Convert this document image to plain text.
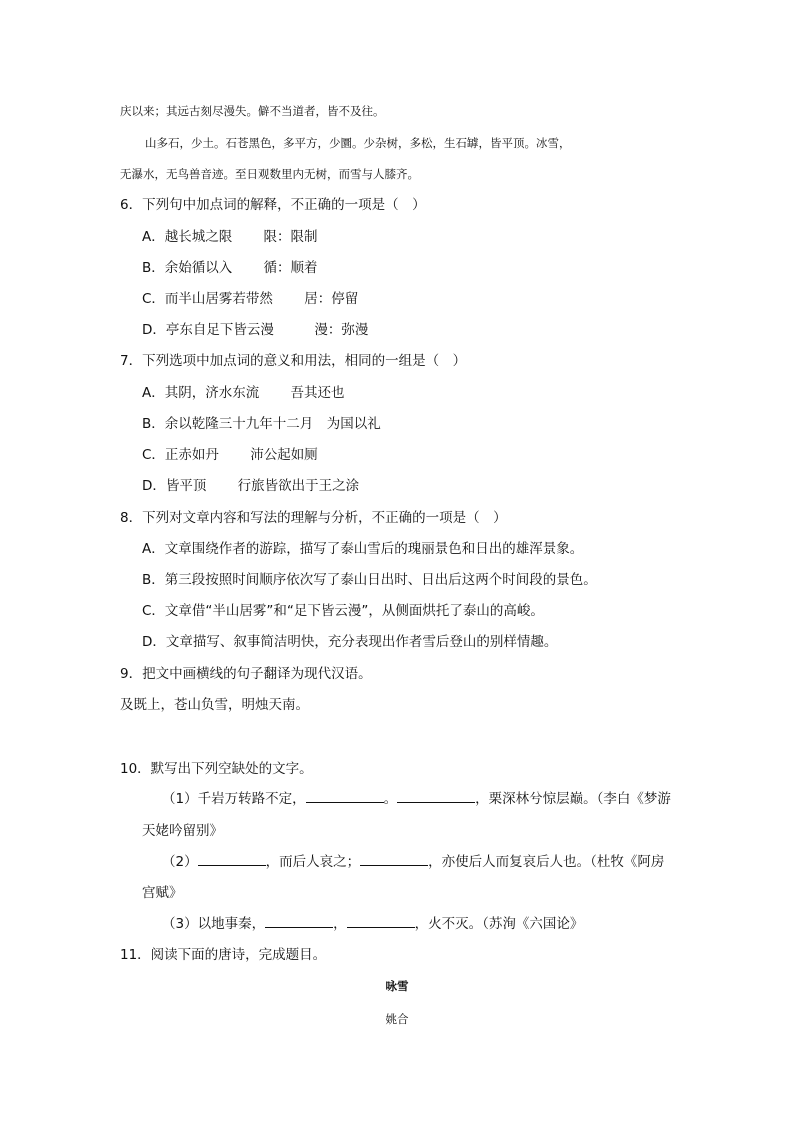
庆以来；其远古刻尽漫失。僻不当道者，皆不及往。
山多石，少土。石苍黑色，多平方，少圜。少杂树，多松，生石罅，皆平顶。冰雪，
无瀑水，无鸟兽音迹。至日观数里内无树，而雪与人膝齐。
6．下列句中加点词的解释，不正确的一项是（　）
A．越长城之限　　 限：限制
B．余始循以入　　 循：顺着
C．而半山居雾若带然　　 居：停留
D．亭东自足下皆云漫　　　漫：弥漫
7．下列选项中加点词的意义和用法，相同的一组是（　）
A．其阴，济水东流　　 吾其还也
B．余以乾隆三十九年十二月　为国以礼
C．正赤如丹　　 沛公起如厕
D．皆平顶　　 行旅皆欲出于王之涂
8．下列对文章内容和写法的理解与分析，不正确的一项是（　）
A．文章围绕作者的游踪，描写了泰山雪后的瑰丽景色和日出的雄浑景象。
B．第三段按照时间顺序依次写了泰山日出时、日出后这两个时间段的景色。
C．文章借“半山居雾”和“足下皆云漫”，从侧面烘托了泰山的高峻。
D．文章描写、叙事简洁明快，充分表现出作者雪后登山的别样情趣。
9．把文中画横线的句子翻译为现代汉语。
及既上，苍山负雪，明烛天南。
10．默写出下列空缺处的文字。
（1）千岩万转路不定，	。	，栗深林兮惊层巅。（李白《梦游
天姥吟留别》
（2）	，而后人哀之；	，亦使后人而复哀后人也。（杜牧《阿房
宫赋》
（3）以地事秦，	，	，火不灭。（苏洵《六国论》
11．阅读下面的唐诗，完成题目。
咏雪
姚合
